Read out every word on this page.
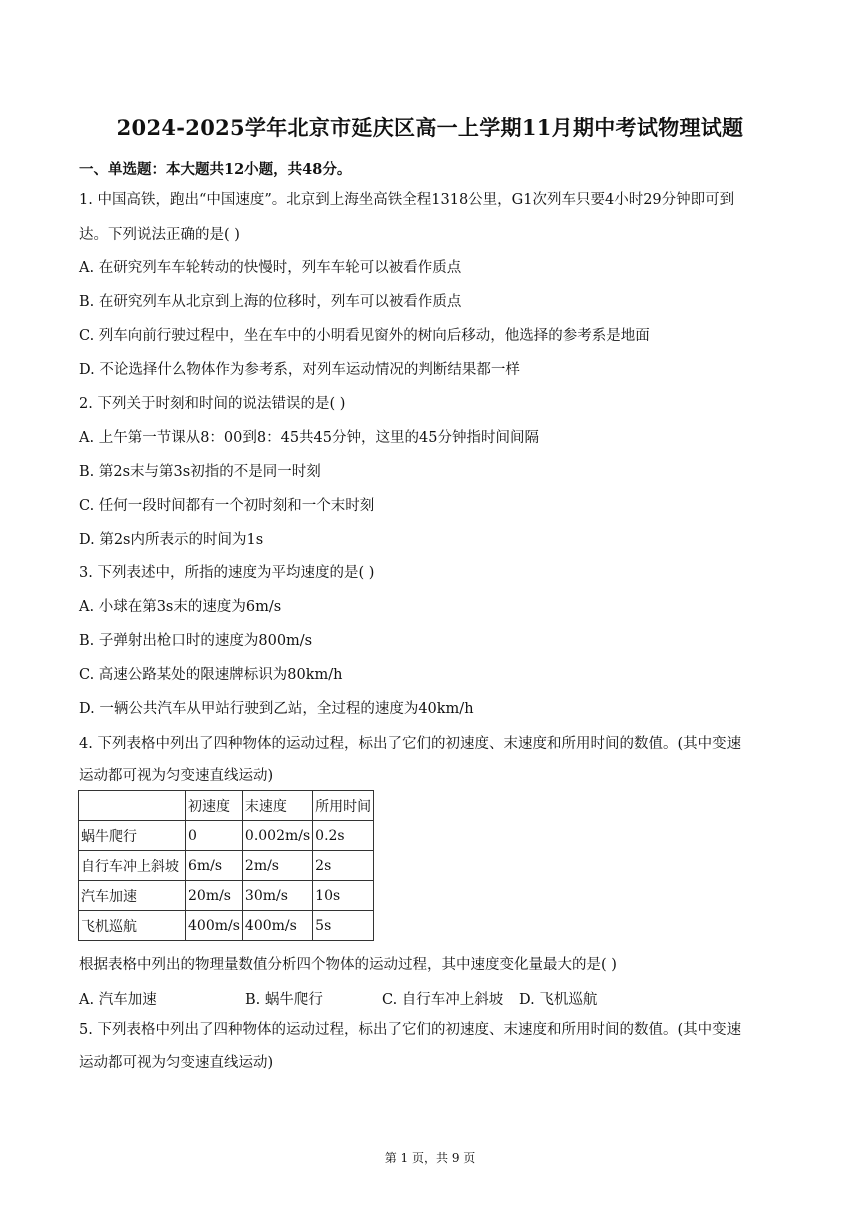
2024-2025学年北京市延庆区高一上学期11月期中考试物理试题
一、单选题：本大题共12小题，共48分。
1. 中国高铁，跑出“中国速度”。北京到上海坐高铁全程1318公里，G1次列车只要4小时29分钟即可到
达。下列说法正确的是( )
A. 在研究列车车轮转动的快慢时，列车车轮可以被看作质点
B. 在研究列车从北京到上海的位移时，列车可以被看作质点
C. 列车向前行驶过程中，坐在车中的小明看见窗外的树向后移动，他选择的参考系是地面
D. 不论选择什么物体作为参考系，对列车运动情况的判断结果都一样
2. 下列关于时刻和时间的说法错误的是( )
A. 上午第一节课从8：00到8：45共45分钟，这里的45分钟指时间间隔
B. 第2s末与第3s初指的不是同一时刻
C. 任何一段时间都有一个初时刻和一个末时刻
D. 第2s内所表示的时间为1s
3. 下列表述中，所指的速度为平均速度的是( )
A. 小球在第3s末的速度为6m/s
B. 子弹射出枪口时的速度为800m/s
C. 高速公路某处的限速牌标识为80km/h
D. 一辆公共汽车从甲站行驶到乙站，全过程的速度为40km/h
4. 下列表格中列出了四种物体的运动过程，标出了它们的初速度、末速度和所用时间的数值。(其中变速
运动都可视为匀变速直线运动)
	初速度	末速度	所用时间
蜗牛爬行	0	0.002m/s	0.2s
自行车冲上斜坡	6m/s	2m/s	2s
汽车加速	20m/s	30m/s	10s
飞机巡航	400m/s	400m/s	5s
根据表格中列出的物理量数值分析四个物体的运动过程，其中速度变化量最大的是( )
A. 汽车加速	B. 蜗牛爬行	C. 自行车冲上斜坡 D. 飞机巡航
5. 下列表格中列出了四种物体的运动过程，标出了它们的初速度、末速度和所用时间的数值。(其中变速
运动都可视为匀变速直线运动)
第 1 页，共 9 页
